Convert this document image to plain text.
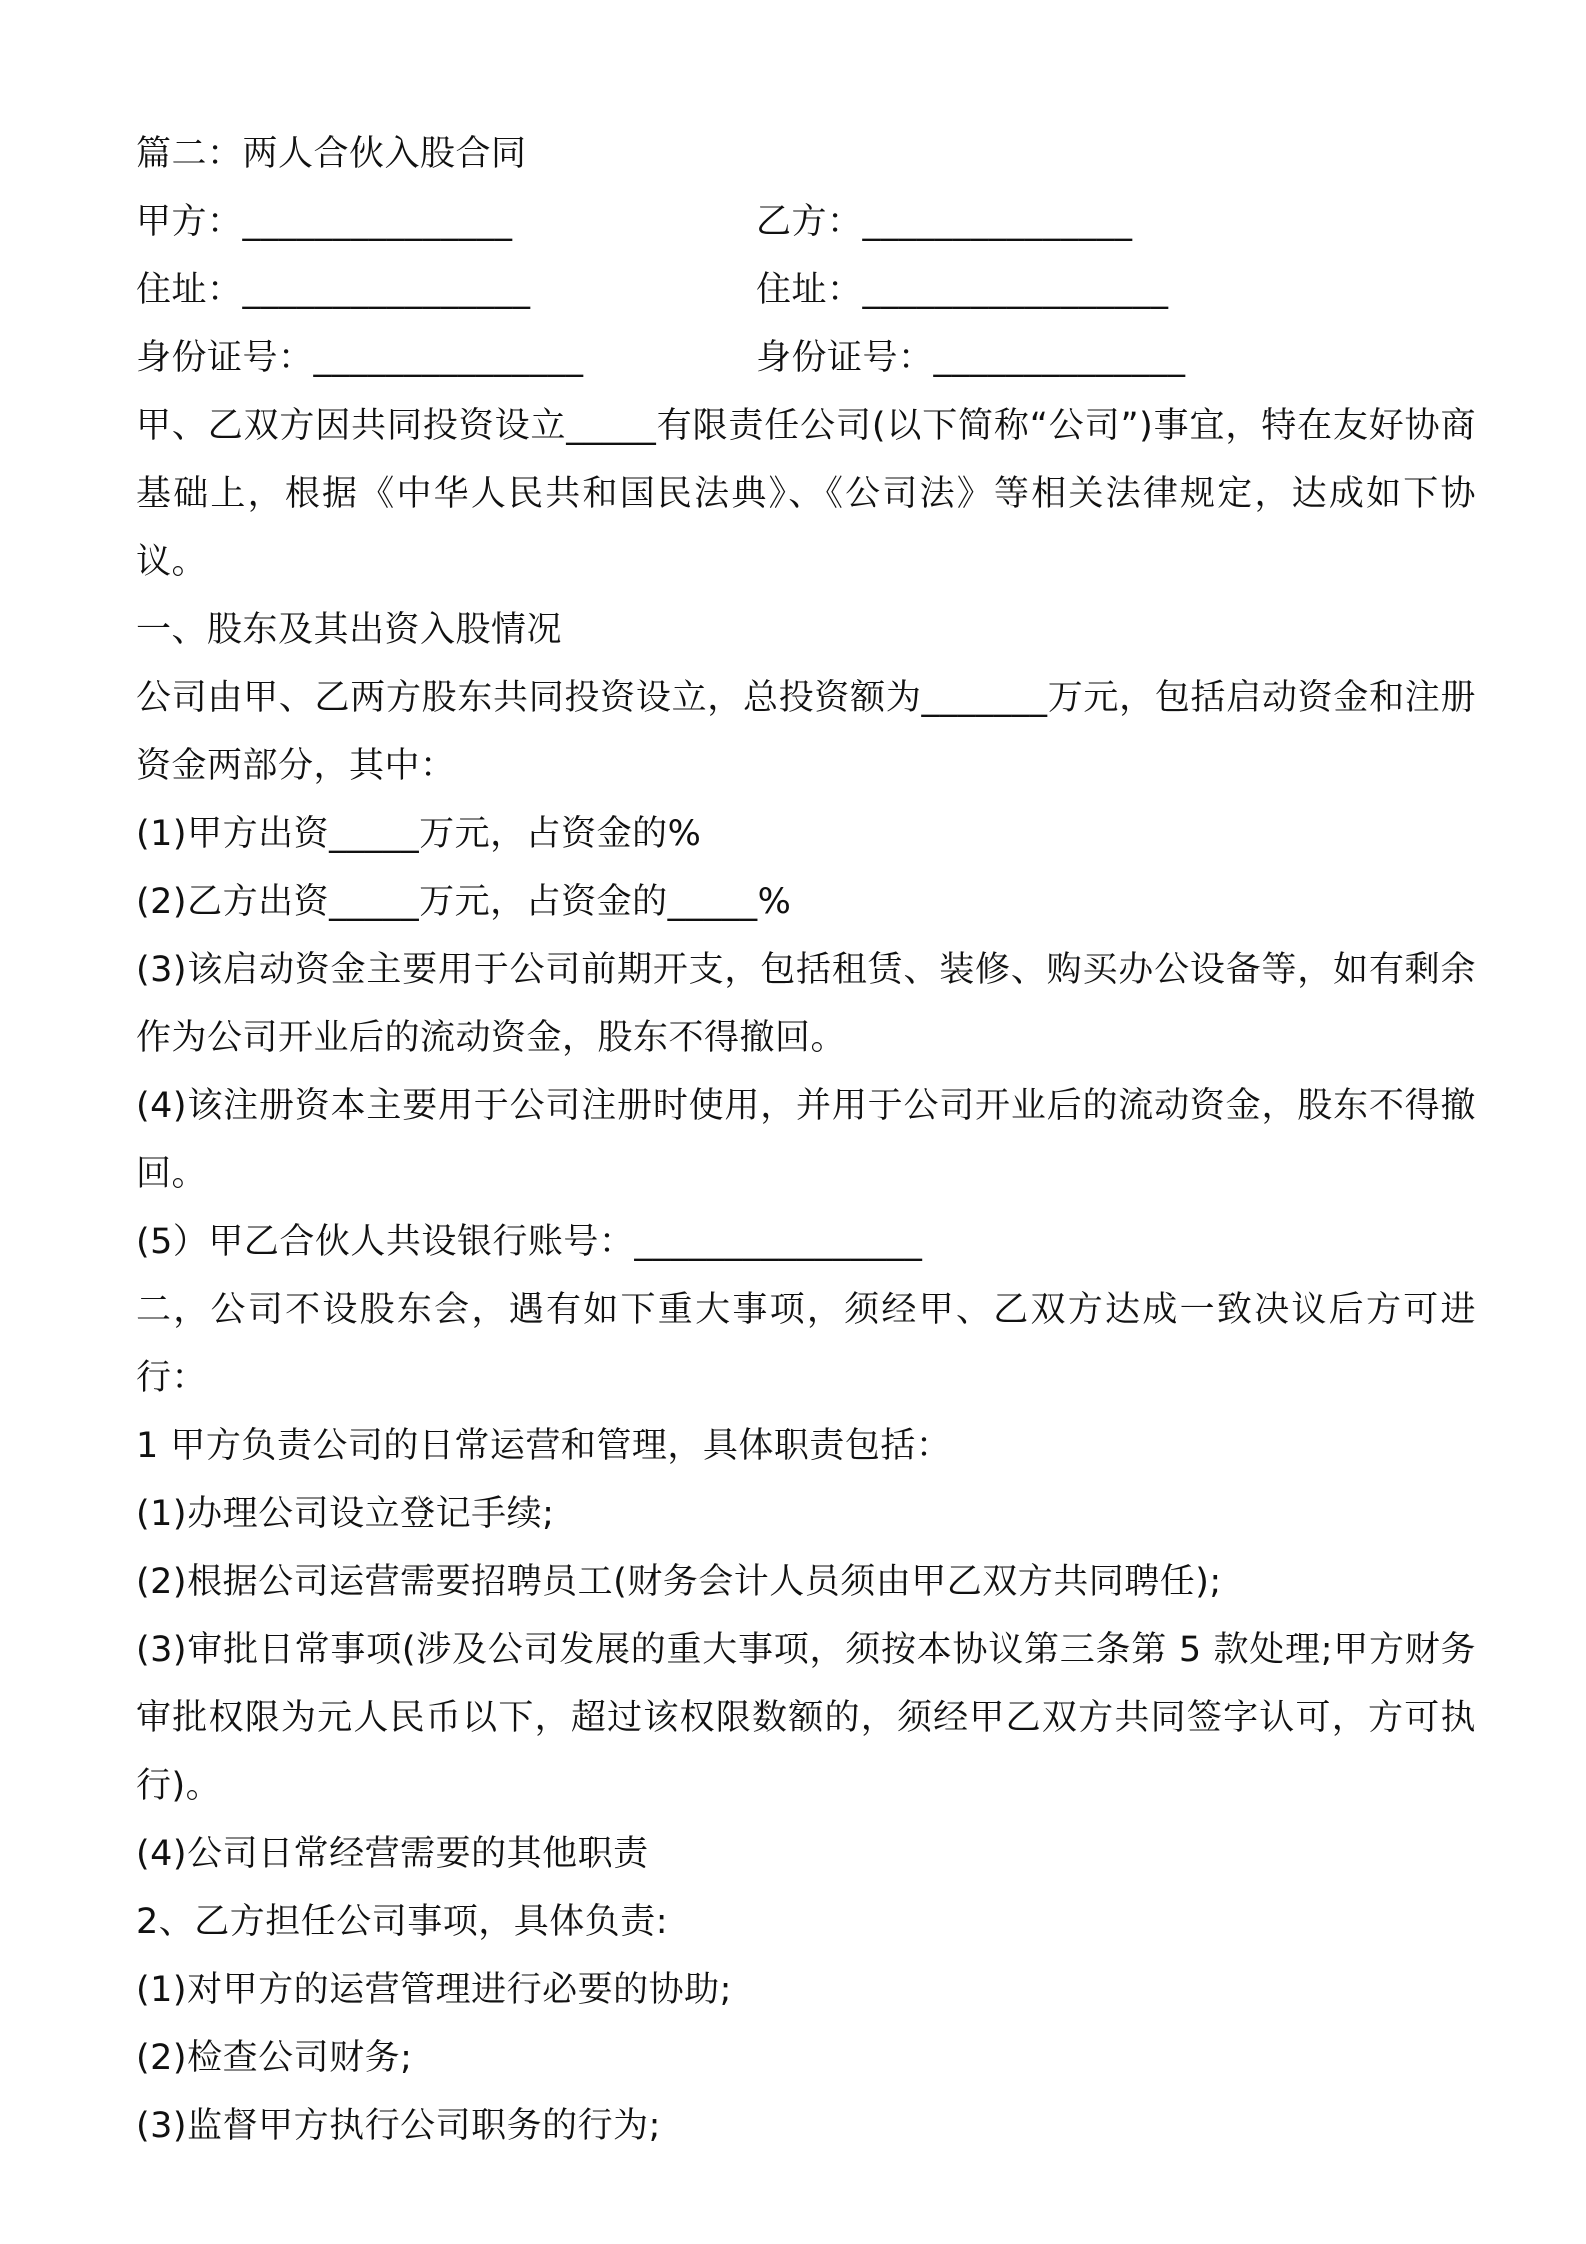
篇二：两人合伙入股合同
甲方：_______________	乙方：_______________
住址：________________	住址：_________________
身份证号：_______________	身份证号：______________
甲、乙双方因共同投资设立_____有限责任公司(以下简称“公司”)事宜，特在友好协商基础上，根据《中华人民共和国民法典》、《公司法》等相关法律规定，达成如下协议。
一、股东及其出资入股情况
公司由甲、乙两方股东共同投资设立，总投资额为_______万元，包括启动资金和注册资金两部分，其中：
(1)甲方出资_____万元，占资金的%
(2)乙方出资_____万元，占资金的_____%
(3)该启动资金主要用于公司前期开支，包括租赁、装修、购买办公设备等，如有剩余作为公司开业后的流动资金，股东不得撤回。
(4)该注册资本主要用于公司注册时使用，并用于公司开业后的流动资金，股东不得撤回。
(5）甲乙合伙人共设银行账号：________________
二，公司不设股东会，遇有如下重大事项，须经甲、乙双方达成一致决议后方可进行：
1 甲方负责公司的日常运营和管理，具体职责包括：
(1)办理公司设立登记手续;
(2)根据公司运营需要招聘员工(财务会计人员须由甲乙双方共同聘任);
(3)审批日常事项(涉及公司发展的重大事项，须按本协议第三条第 5 款处理;甲方财务审批权限为元人民币以下，超过该权限数额的，须经甲乙双方共同签字认可，方可执行)。
(4)公司日常经营需要的其他职责
2、乙方担任公司事项，具体负责:
(1)对甲方的运营管理进行必要的协助;
(2)检查公司财务;
(3)监督甲方执行公司职务的行为;
